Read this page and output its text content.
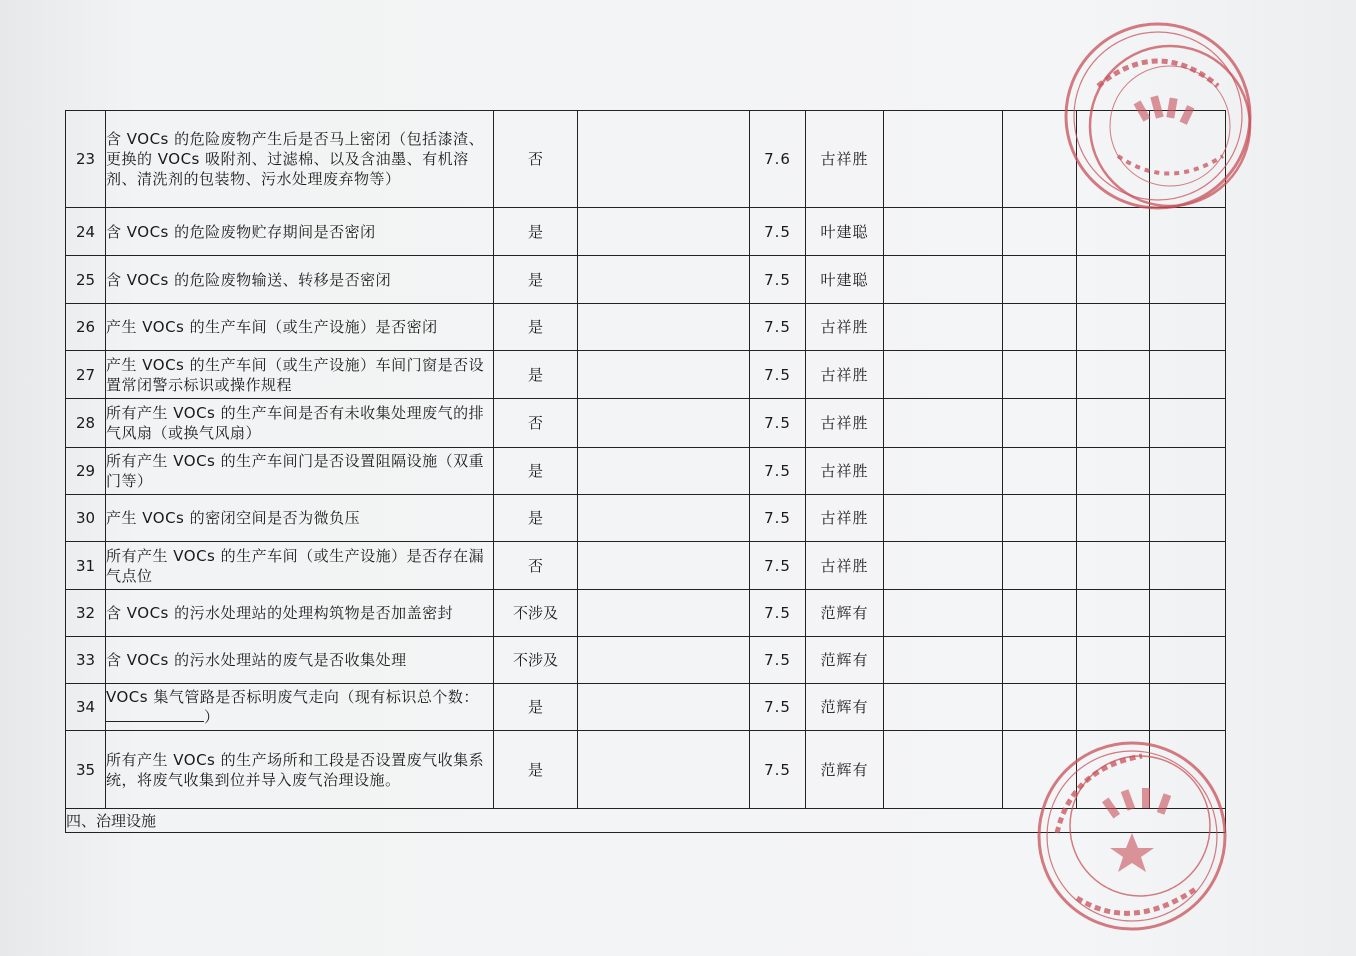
23	含 VOCs 的危险废物产生后是否马上密闭（包括漆渣、更换的 VOCs 吸附剂、过滤棉、以及含油墨、有机溶剂、清洗剂的包装物、污水处理废弃物等）	否		7.6	古祥胜				
24	含 VOCs 的危险废物贮存期间是否密闭	是		7.5	叶建聪				
25	含 VOCs 的危险废物输送、转移是否密闭	是		7.5	叶建聪				
26	产生 VOCs 的生产车间（或生产设施）是否密闭	是		7.5	古祥胜				
27	产生 VOCs 的生产车间（或生产设施）车间门窗是否设置常闭警示标识或操作规程	是		7.5	古祥胜				
28	所有产生 VOCs 的生产车间是否有未收集处理废气的排气风扇（或换气风扇）	否		7.5	古祥胜				
29	所有产生 VOCs 的生产车间门是否设置阻隔设施（双重门等）	是		7.5	古祥胜				
30	产生 VOCs 的密闭空间是否为微负压	是		7.5	古祥胜				
31	所有产生 VOCs 的生产车间（或生产设施）是否存在漏气点位	否		7.5	古祥胜				
32	含 VOCs 的污水处理站的处理构筑物是否加盖密封	不涉及		7.5	范辉有				
33	含 VOCs 的污水处理站的废气是否收集处理	不涉及		7.5	范辉有				
34	VOCs 集气管路是否标明废气走向（现有标识总个数：）	是		7.5	范辉有				
35	所有产生 VOCs 的生产场所和工段是否设置废气收集系统，将废气收集到位并导入废气治理设施。	是		7.5	范辉有				
四、治理设施									
